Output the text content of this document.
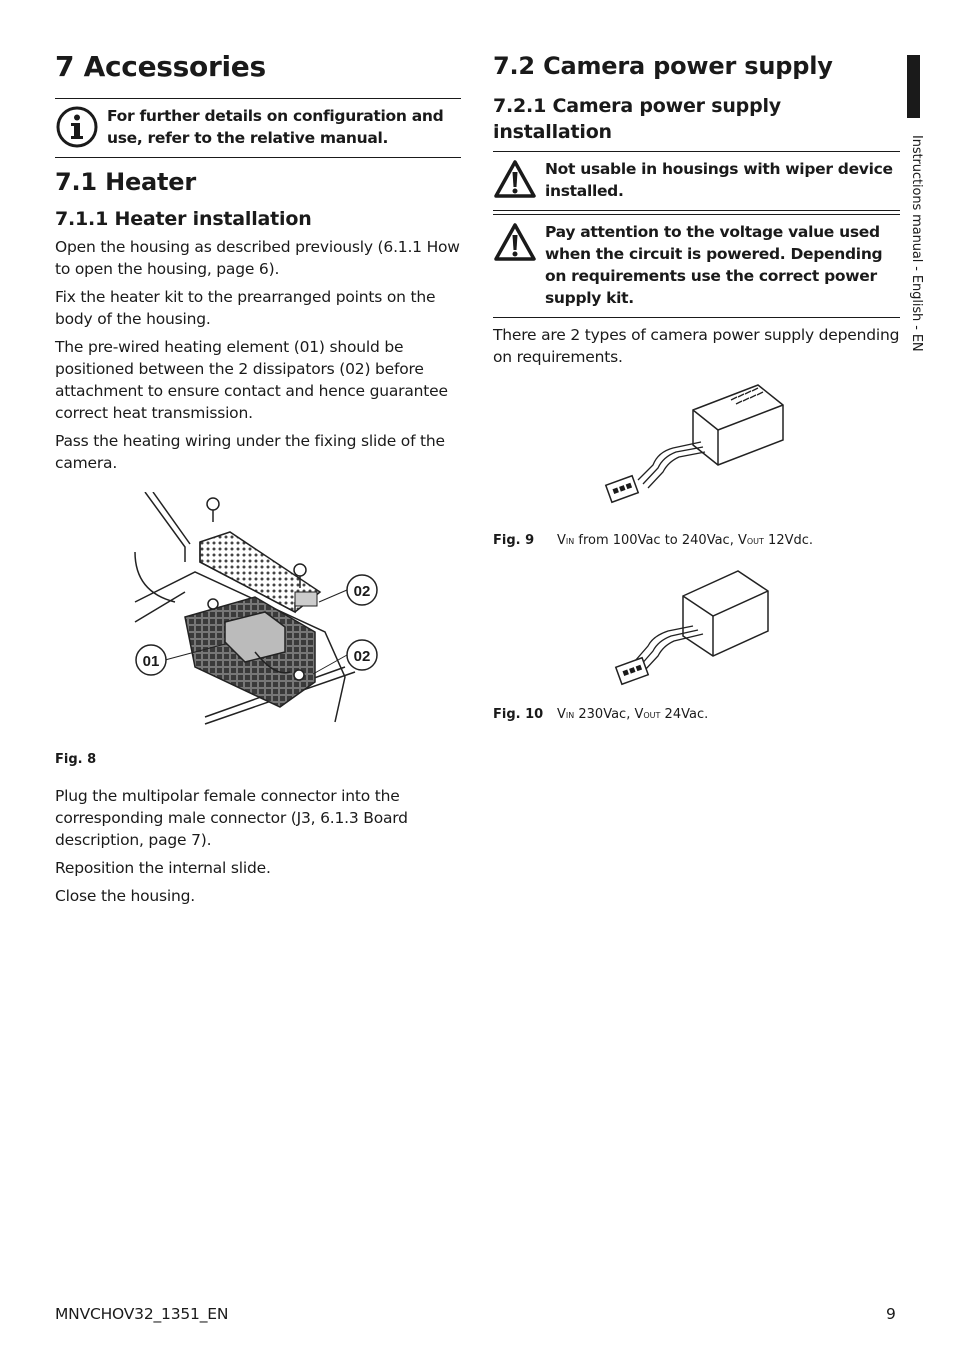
7 Accessories
For further details on configuration and use, refer to the relative manual.
7.1 Heater
7.1.1 Heater installation

Open the housing as described previously (6.1.1 How to open the housing, page 6).

Fix the heater kit to the prearranged points on the body of the housing.

The pre-wired heating element (01) should be positioned between the 2 dissipators (02) before attachment to ensure contact and hence guarantee correct heat transmission.

Pass the heating wiring under the fixing slide of the camera.

01
02
02
Fig. 8

Plug the multipolar female connector into the corresponding male connector (J3, 6.1.3 Board description, page 7).

Reposition the internal slide.

Close the housing.

7.2 Camera power supply
7.2.1 Camera power supply installation
Not usable in housings with wiper device installed.
Pay attention to the voltage value used when the circuit is powered. Depending on requirements use the correct power supply kit.

There are 2 types of camera power supply depending on requirements.

Fig. 9	VIN from 100Vac to 240Vac, VOUT 12Vdc.
Fig. 10	VIN 230Vac, VOUT 24Vac.
Instructions manual - English - EN
MNVCHOV32_1351_EN	9
